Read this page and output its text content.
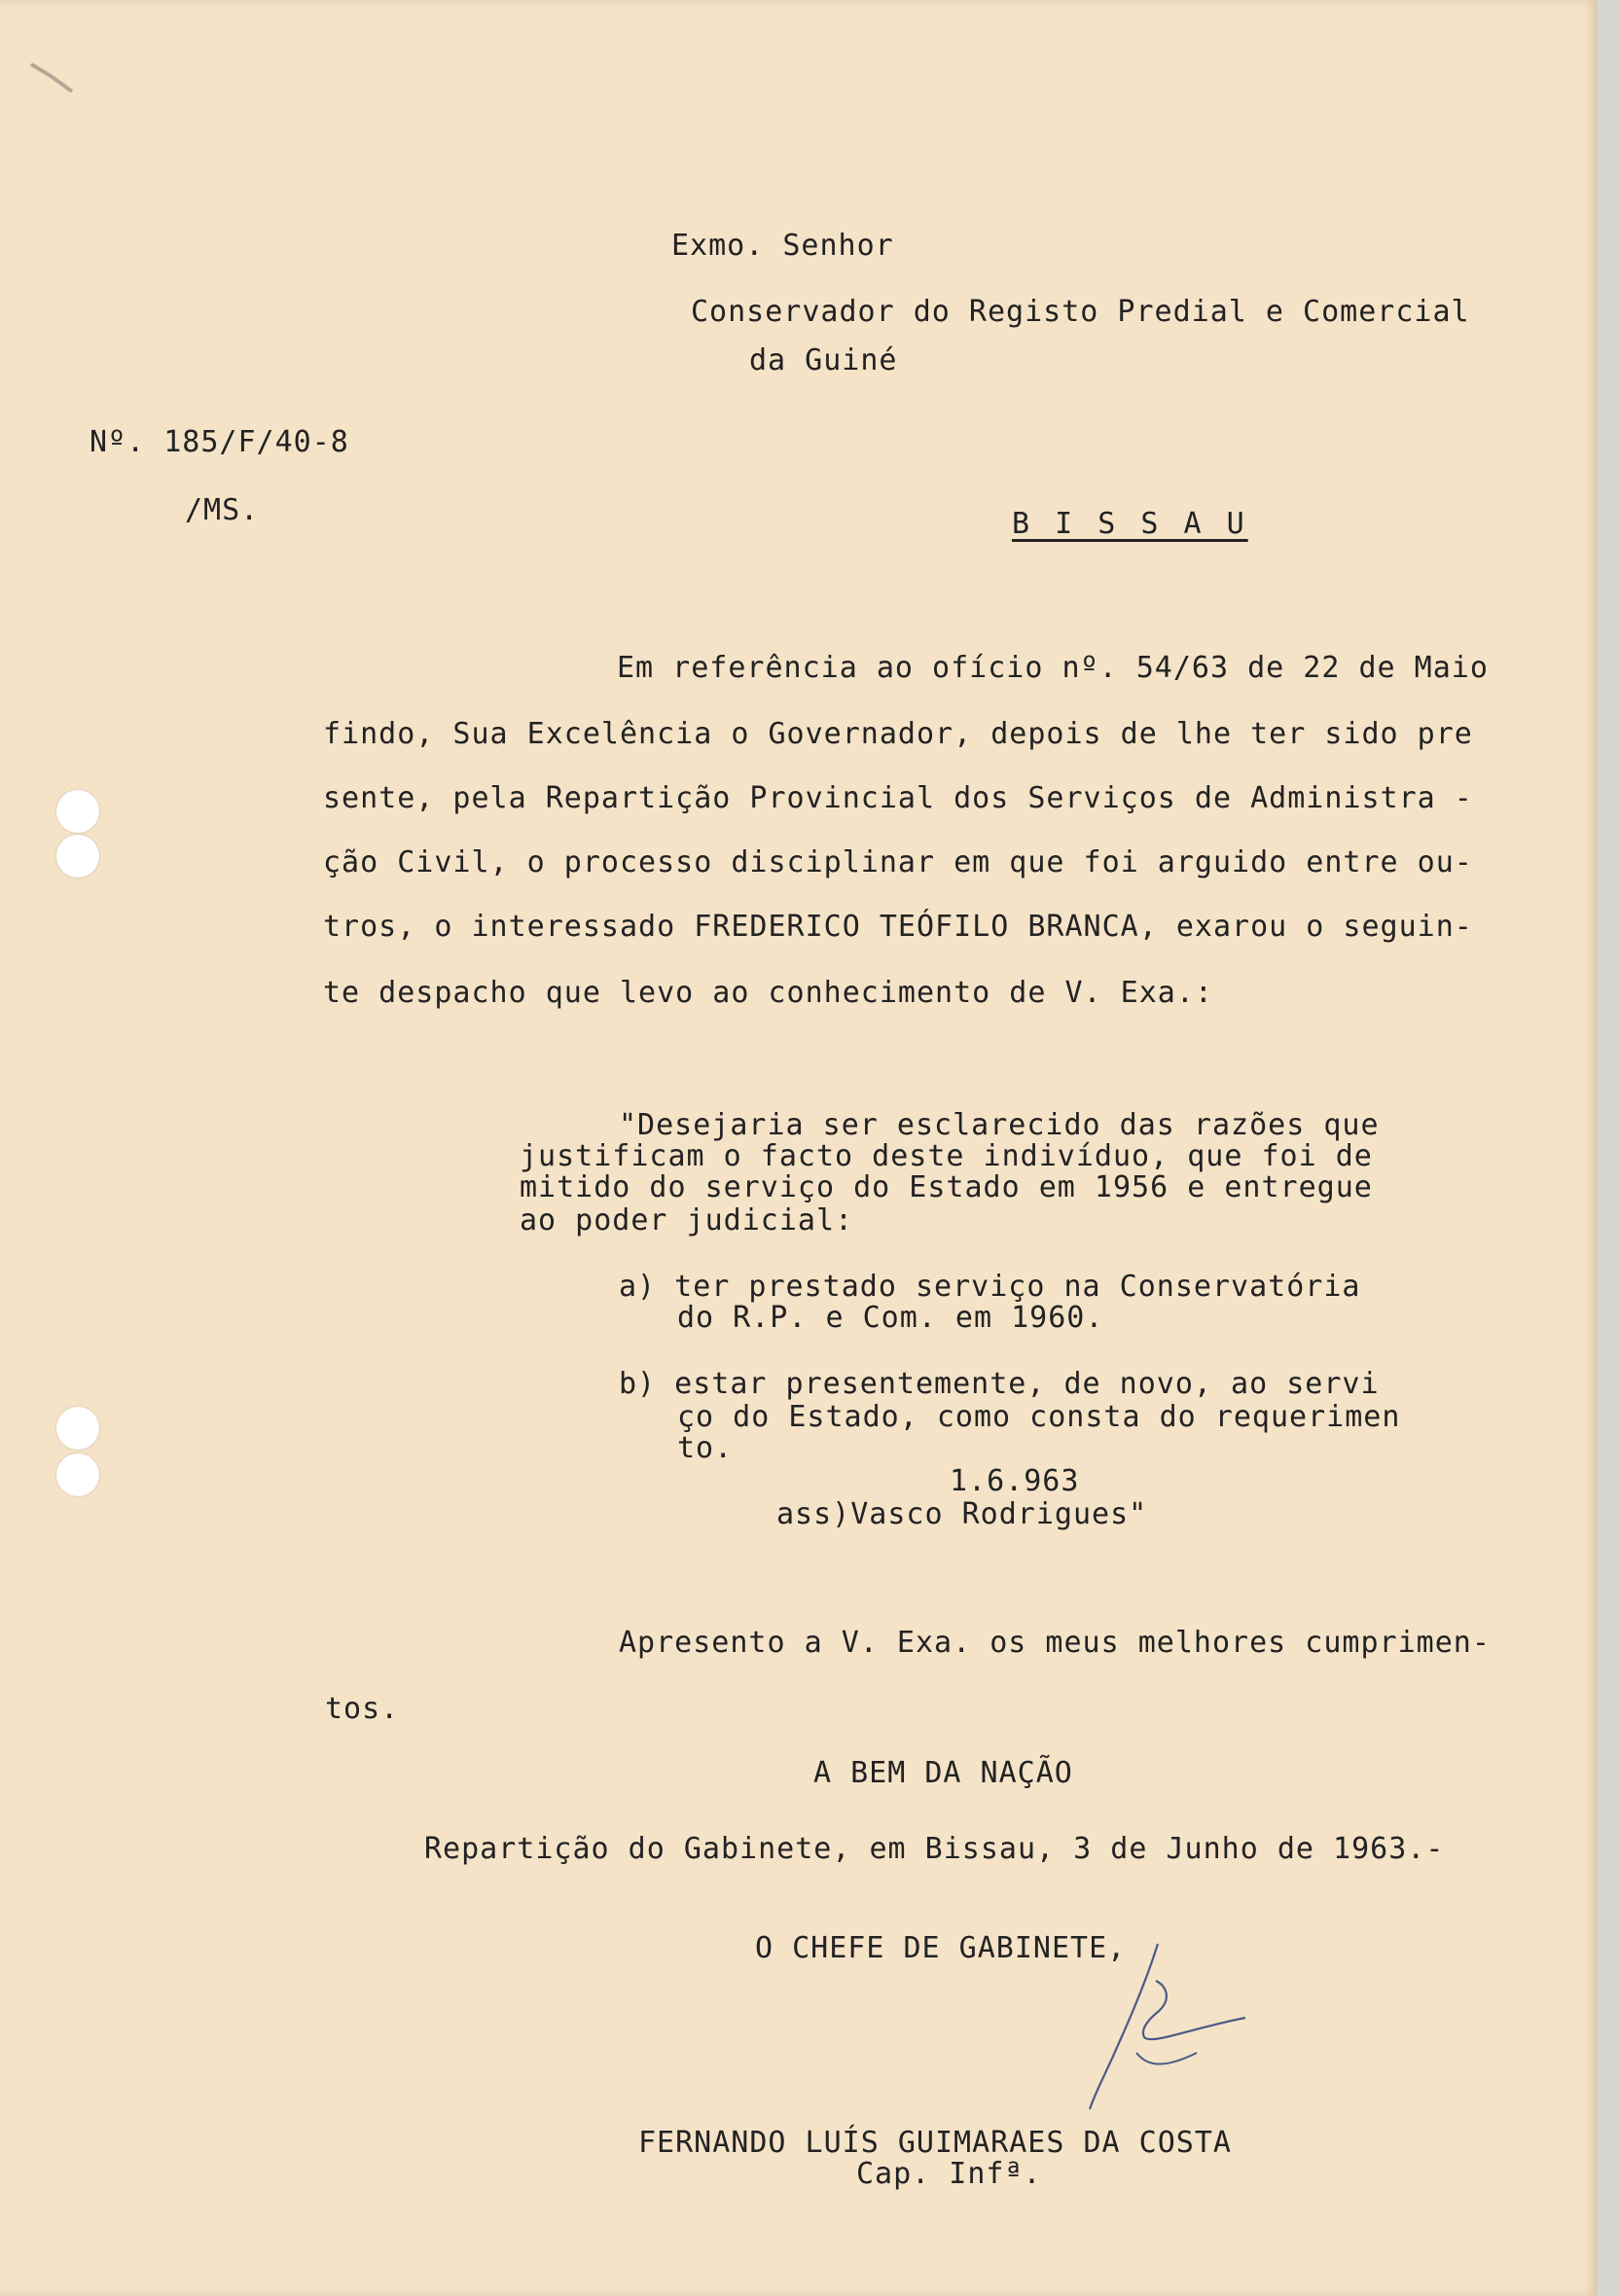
Exmo. Senhor

Conservador do Registo Predial e Comercial

da Guiné

Nº. 185/F/40-8

/MS.	B I S S A U

Em referência ao ofício nº. 54/63 de 22 de Maio

findo, Sua Excelência o Governador, depois de lhe ter sido pre

sente, pela Repartição Provincial dos Serviços de Administra -

ção Civil, o processo disciplinar em que foi arguido entre ou-

tros, o interessado FREDERICO TEÓFILO BRANCA, exarou o seguin-

te despacho que levo ao conhecimento de V. Exa.:

"Desejaria ser esclarecido das razões que

justificam o facto deste indivíduo, que foi de

mitido do serviço do Estado em 1956 e entregue

ao poder judicial:

a) ter prestado serviço na Conservatória

do R.P. e Com. em 1960.

b) estar presentemente, de novo, ao servi

ço do Estado, como consta do requerimen

to.

1.6.963

ass)Vasco Rodrigues"

Apresento a V. Exa. os meus melhores cumprimen-

tos.

A BEM DA NAÇÃO

Repartição do Gabinete, em Bissau, 3 de Junho de 1963.-

O CHEFE DE GABINETE,

FERNANDO LUÍS GUIMARAES DA COSTA

Cap. Infª.
